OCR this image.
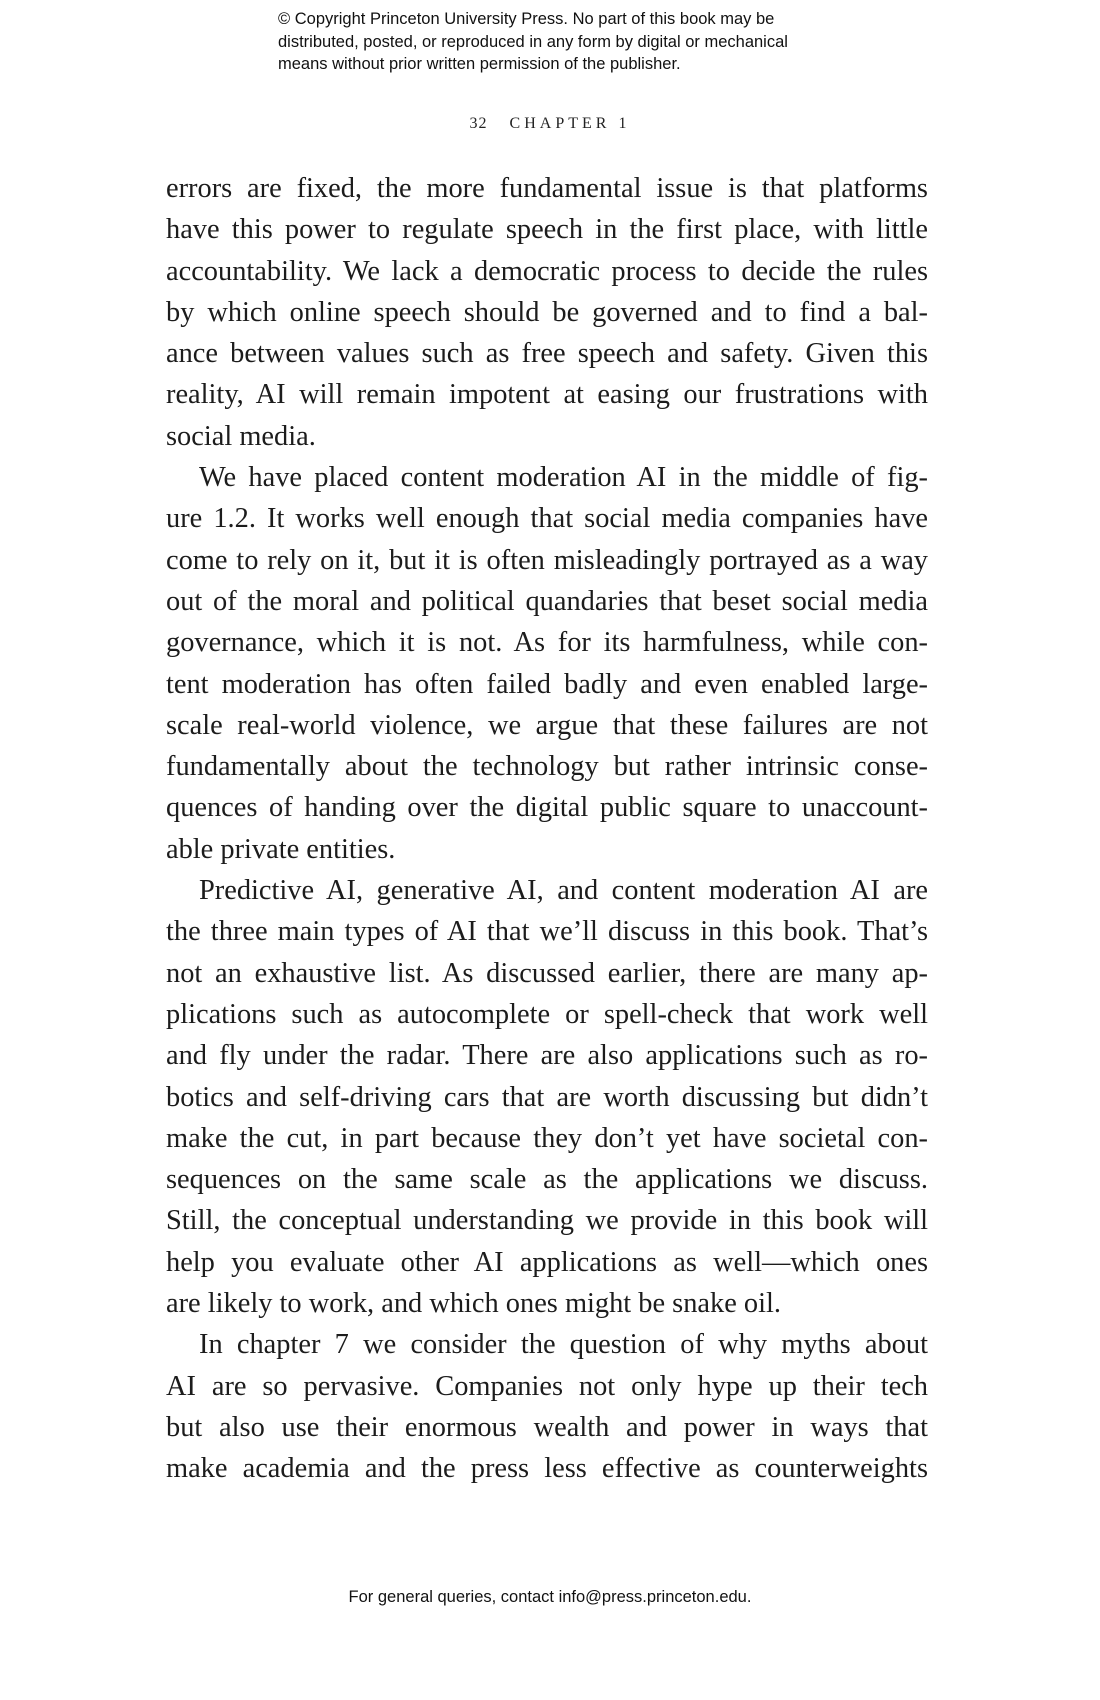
© Copyright Princeton University Press. No part of this book may be
distributed, posted, or reproduced in any form by digital or mechanical
means without prior written permission of the publisher.
32 CHAPTER 1
errors are fixed, the more fundamental issue is that platforms
have this power to regulate speech in the first place, with little
accountability. We lack a democratic process to decide the rules
by which online speech should be governed and to find a bal-
ance between values such as free speech and safety. Given this
reality, AI will remain impotent at easing our frustrations with
social media.
We have placed content moderation AI in the middle of fig-
ure 1.2. It works well enough that social media companies have
come to rely on it, but it is often misleadingly portrayed as a way
out of the moral and political quandaries that beset social media
governance, which it is not. As for its harmfulness, while con-
tent moderation has often failed badly and even enabled large-
scale real-world violence, we argue that these failures are not
fundamentally about the technology but rather intrinsic conse-
quences of handing over the digital public square to unaccount-
able private entities.
Predictive AI, generative AI, and content moderation AI are
the three main types of AI that we’ll discuss in this book. That’s
not an exhaustive list. As discussed earlier, there are many ap-
plications such as autocomplete or spell-check that work well
and fly under the radar. There are also applications such as ro-
botics and self-driving cars that are worth discussing but didn’t
make the cut, in part because they don’t yet have societal con-
sequences on the same scale as the applications we discuss.
Still, the conceptual understanding we provide in this book will
help you evaluate other AI applications as well—which ones
are likely to work, and which ones might be snake oil.
In chapter 7 we consider the question of why myths about
AI are so pervasive. Companies not only hype up their tech
but also use their enormous wealth and power in ways that
make academia and the press less effective as counterweights
For general queries, contact info@press.princeton.edu.
